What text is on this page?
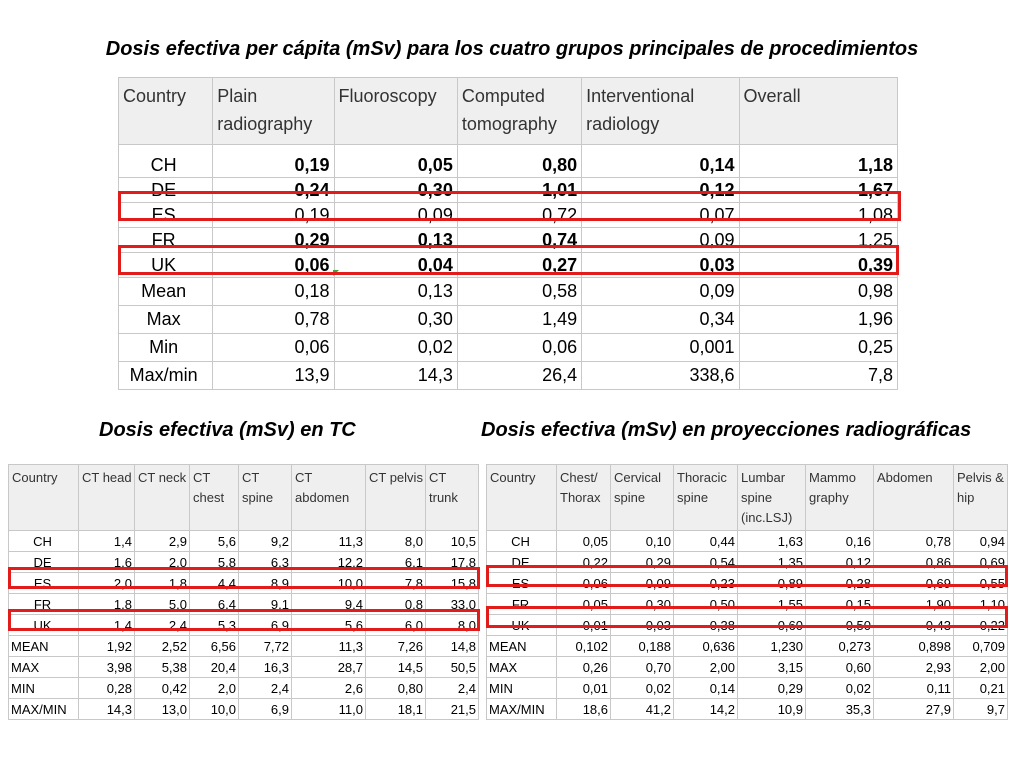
Dosis efectiva per cápita (mSv) para los cuatro grupos principales de procedimientos
Country	Plain radiography	Fluoroscopy	Computed tomography	Interventional radiology	Overall
CH	0,19	0,05	0,80	0,14	1,18
DE	0,24	0,30	1,01	0,12	1,67
ES	0,19	0,09	0,72	0,07	1,08
FR	0,29	0,13	0,74	0,09	1,25
UK	0,06	0,04	0,27	0,03	0,39
Mean	0,18	0,13	0,58	0,09	0,98
Max	0,78	0,30	1,49	0,34	1,96
Min	0,06	0,02	0,06	0,001	0,25
Max/min	13,9	14,3	26,4	338,6	7,8
Dosis efectiva (mSv) en TC	Dosis efectiva (mSv) en proyecciones radiográficas
Country	CT head	CT neck	CT chest	CT spine	CT abdomen	CT pelvis	CT trunk
CH	1,4	2,9	5,6	9,2	11,3	8,0	10,5
DE	1,6	2,0	5,8	6,3	12,2	6,1	17,8
ES	2,0	1,8	4,4	8,9	10,0	7,8	15,8
FR	1,8	5,0	6,4	9,1	9,4	0,8	33,0
UK	1,4	2,4	5,3	6,9	5,6	6,0	8,0
MEAN	1,92	2,52	6,56	7,72	11,3	7,26	14,8
MAX	3,98	5,38	20,4	16,3	28,7	14,5	50,5
MIN	0,28	0,42	2,0	2,4	2,6	0,80	2,4
MAX/MIN	14,3	13,0	10,0	6,9	11,0	18,1	21,5
Country	Chest/ Thorax	Cervical spine	Thoracic spine	Lumbar spine (inc.LSJ)	Mammo graphy	Abdomen	Pelvis & hip
CH	0,05	0,10	0,44	1,63	0,16	0,78	0,94
DE	0,22	0,29	0,54	1,35	0,12	0,86	0,69
ES	0,06	0,09	0,23	0,89	0,28	0,69	0,55
FR	0,05	0,30	0,50	1,55	0,15	1,90	1,10
UK	0,01	0,03	0,38	0,60	0,50	0,43	0,22
MEAN	0,102	0,188	0,636	1,230	0,273	0,898	0,709
MAX	0,26	0,70	2,00	3,15	0,60	2,93	2,00
MIN	0,01	0,02	0,14	0,29	0,02	0,11	0,21
MAX/MIN	18,6	41,2	14,2	10,9	35,3	27,9	9,7
